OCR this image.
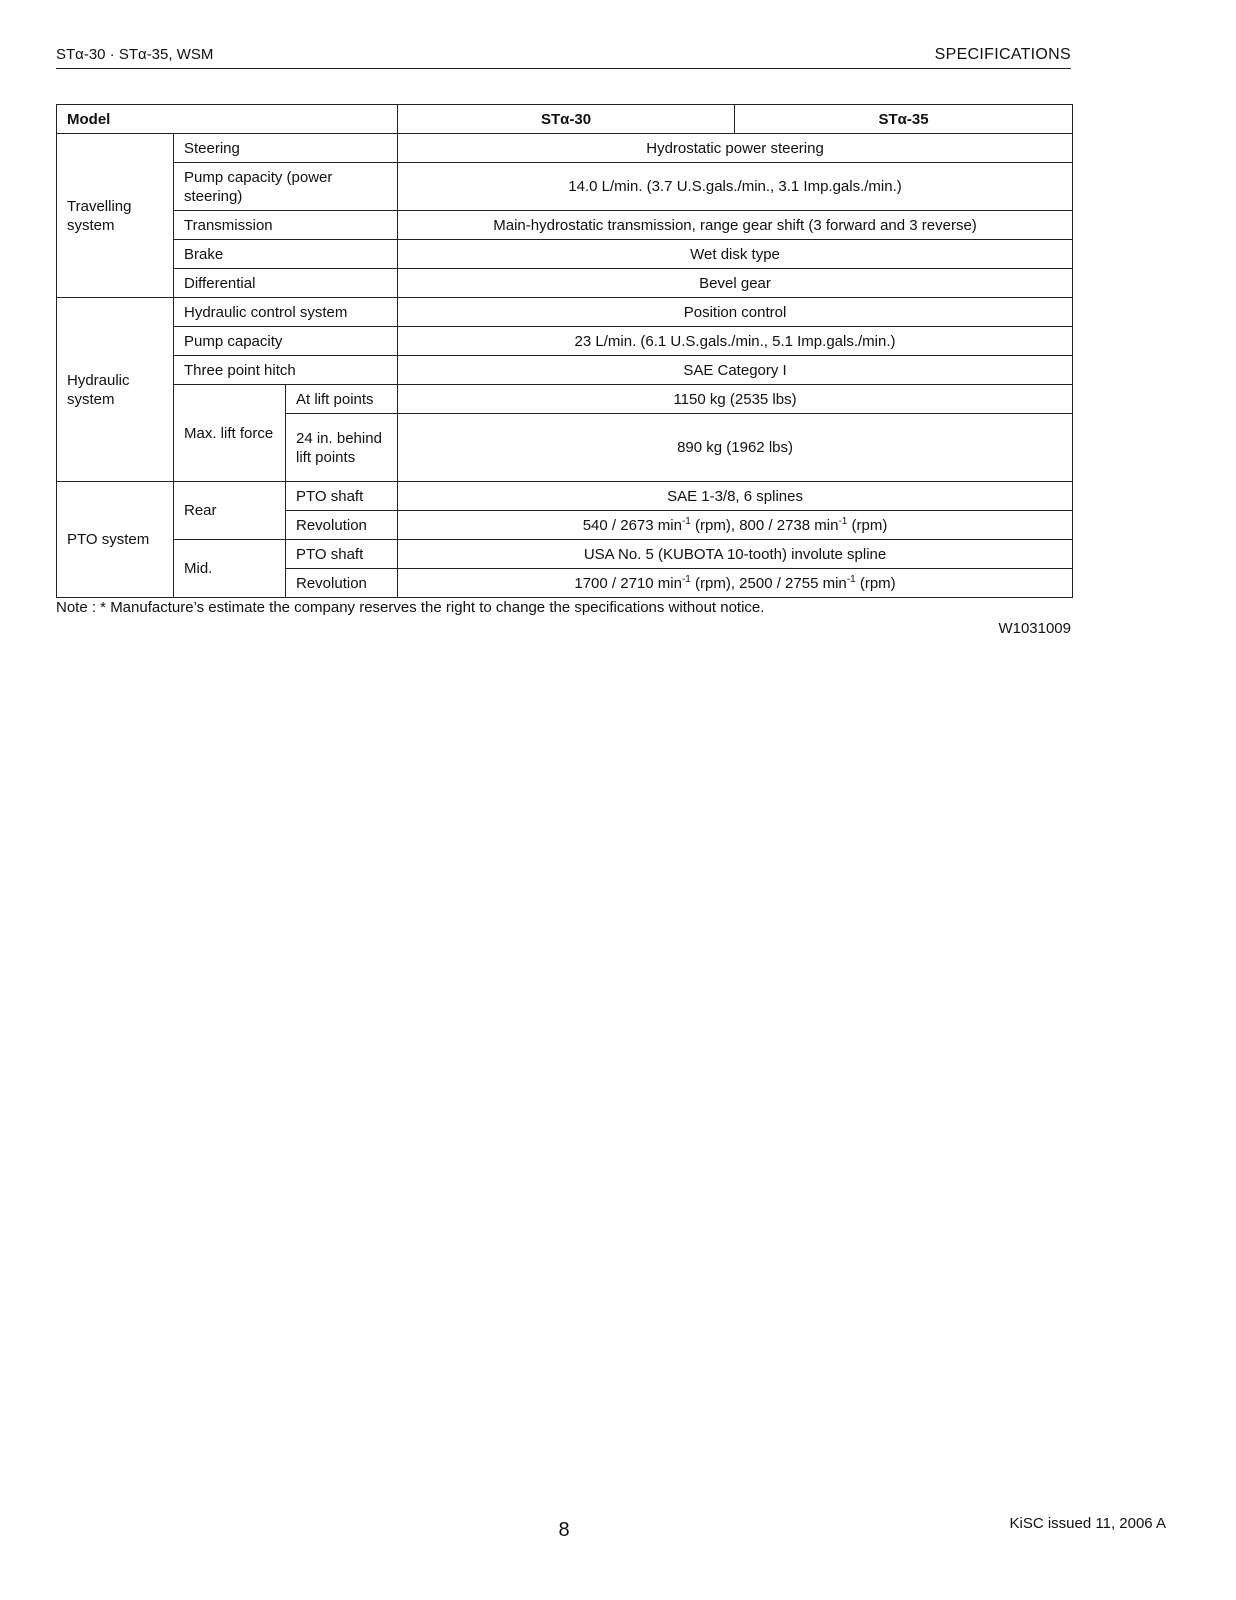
STα-30 · STα-35, WSM	SPECIFICATIONS
Model			STα-30	STα-35
Travelling system	Steering		Hydrostatic power steering	
	Pump capacity (power steering)		14.0 L/min. (3.7 U.S.gals./min., 3.1 Imp.gals./min.)	
	Transmission		Main-hydrostatic transmission, range gear shift (3 forward and 3 reverse)	
	Brake		Wet disk type	
	Differential		Bevel gear	
Hydraulic system	Hydraulic control system		Position control	
	Pump capacity		23 L/min. (6.1 U.S.gals./min., 5.1 Imp.gals./min.)	
	Three point hitch		SAE Category I	
	Max. lift force	At lift points	1150 kg (2535 lbs)	
		24 in. behind lift points	890 kg (1962 lbs)	
PTO system	Rear	PTO shaft	SAE 1-3/8, 6 splines	
		Revolution	540 / 2673 $\min^{-1} (rpm)$, 800 / 2738 $\min^{-1} (rpm)$	
	Mid.	PTO shaft	USA No. 5 (KUBOTA 10-tooth) involute spline	
		Revolution	1700 / 2710 $\min^{-1} (rpm)$, 2500 / 2755 $\min^{-1} (rpm)$	
Note : * Manufacture’s estimate the company reserves the right to change the specifications without notice.
W1031009
8	KiSC issued 11, 2006 A
